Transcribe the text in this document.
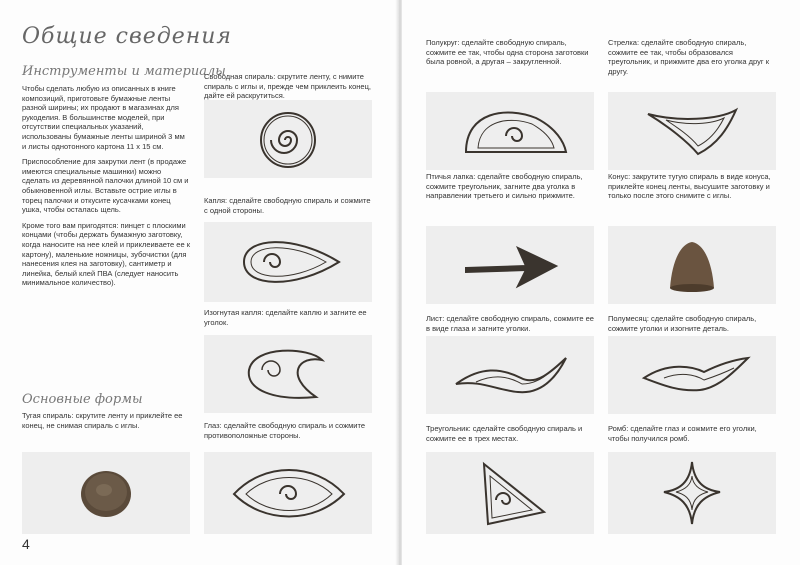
Общие сведения
Инструменты и материалы

Чтобы сделать любую из описанных в книге композиций, приготовьте бумажные ленты разной ширины; их продают в магазинах для рукоделия. В большинстве моделей, при отсутствии специальных указаний, использованы бумажные ленты шириной 3 мм и листы однотонного картона 11 х 15 см.

Приспособление для закрутки лент (в продаже имеются специальные машинки) можно сделать из деревянной палочки длиной 10 см и обыкновенной иглы. Вставьте острие иглы в торец палочки и откусите кусачками конец ушка, чтобы осталась щель.

Кроме того вам пригодятся: пинцет с плоскими концами (чтобы держать бумажную заготовку, когда наносите на нее клей и приклеиваете ее к картону), маленькие ножницы, зубочистки (для нанесения клея на заготовку), сантиметр и линейка, белый клей ПВА (следует наносить минимальное количество).

Основные формы
Тугая спираль: скрутите ленту и приклейте ее конец, не снимая спираль с иглы.
Свободная спираль: скрутите ленту, с нимите спираль с иглы и, прежде чем приклеить конец, дайте ей раскрутиться.
Капля: сделайте свободную спираль и сожмите с одной стороны.
Изогнутая капля: сделайте каплю и загните ее уголок.
Глаз: сделайте свободную спираль и сожмите противоположные стороны.
4
Полукруг: сделайте свободную спираль, сожмите ее так, чтобы одна сторона заготовки была ровной, а другая – закругленной.
Стрелка: сделайте свободную спираль, сожмите ее так, чтобы образовался треугольник, и прижмите два его уголка друг к другу.
Птичья лапка: сделайте свободную спираль, сожмите треугольник, загните два уголка в направлении третьего и сильно прижмите.
Конус: закрутите тугую спираль в виде конуса, приклейте конец ленты, высушите заготовку и только после этого снимите с иглы.
Лист: сделайте свободную спираль, сожмите ее в виде глаза и загните уголки.
Полумесяц: сделайте свободную спираль, сожмите уголки и изогните деталь.
Треугольник: сделайте свободную спираль и сожмите ее в трех местах.
Ромб: сделайте глаз и сожмите его уголки, чтобы получился ромб.
